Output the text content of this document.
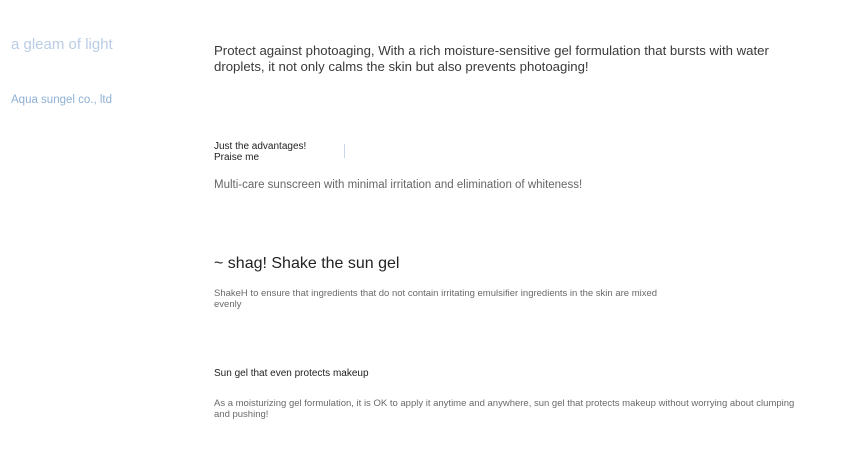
a gleam of light
Aqua sungel co., ltd

Protect against photoaging, With a rich moisture-sensitive gel formulation that bursts with water droplets, it not only calms the skin but also prevents photoaging!

Just the advantages! Praise me
Multi-care sunscreen with minimal irritation and elimination of whiteness!
~ shag! Shake the sun gel

ShakeH to ensure that ingredients that do not contain irritating emulsifier ingredients in the skin are mixed evenly

Sun gel that even protects makeup

As a moisturizing gel formulation, it is OK to apply it anytime and anywhere, sun gel that protects makeup without worrying about clumping and pushing!
